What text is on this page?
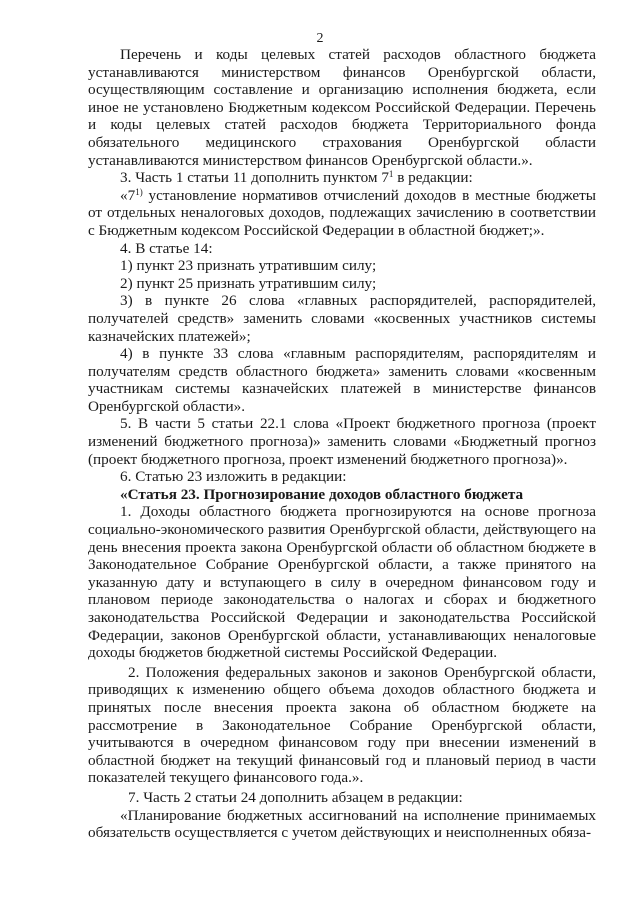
2

Перечень и коды целевых статей расходов областного бюджета устанавливаются министерством финансов Оренбургской области, осуществляющим составление и организацию исполнения бюджета, если иное не установлено Бюджетным кодексом Российской Федерации. Перечень и коды целевых статей расходов бюджета Территориального фонда обязательного медицинского страхования Оренбургской области устанавливаются министерством финансов Оренбургской области.».

3. Часть 1 статьи 11 дополнить пунктом $7^1$ в редакции:

«7$^{1)}$ установление нормативов отчислений доходов в местные бюджеты от отдельных неналоговых доходов, подлежащих зачислению в соответствии с Бюджетным кодексом Российской Федерации в областной бюджет;».

4. В статье 14:

1) пункт 23 признать утратившим силу;

2) пункт 25 признать утратившим силу;

3) в пункте 26 слова «главных распорядителей, распорядителей, получателей средств» заменить словами «косвенных участников системы казначейских платежей»;

4) в пункте 33 слова «главным распорядителям, распорядителям и получателям средств областного бюджета» заменить словами «косвенным участникам системы казначейских платежей в министерстве финансов Оренбургской области».

5. В части 5 статьи 22.1 слова «Проект бюджетного прогноза (проект изменений бюджетного прогноза)» заменить словами «Бюджетный прогноз (проект бюджетного прогноза, проект изменений бюджетного прогноза)».

6. Статью 23 изложить в редакции:

«Статья 23. Прогнозирование доходов областного бюджета

1. Доходы областного бюджета прогнозируются на основе прогноза социально-экономического развития Оренбургской области, действующего на день внесения проекта закона Оренбургской области об областном бюджете в Законодательное Собрание Оренбургской области, а также принятого на указанную дату и вступающего в силу в очередном финансовом году и плановом периоде законодательства о налогах и сборах и бюджетного законодательства Российской Федерации и законодательства Российской Федерации, законов Оренбургской области, устанавливающих неналоговые доходы бюджетов бюджетной системы Российской Федерации.

2. Положения федеральных законов и законов Оренбургской области, приводящих к изменению общего объема доходов областного бюджета и принятых после внесения проекта закона об областном бюджете на рассмотрение в Законодательное Собрание Оренбургской области, учитываются в очередном финансовом году при внесении изменений в областной бюджет на текущий финансовый год и плановый период в части показателей текущего финансового года.».

7. Часть 2 статьи 24 дополнить абзацем в редакции:

«Планирование бюджетных ассигнований на исполнение принимаемых обязательств осуществляется с учетом действующих и неисполненных обяза-
